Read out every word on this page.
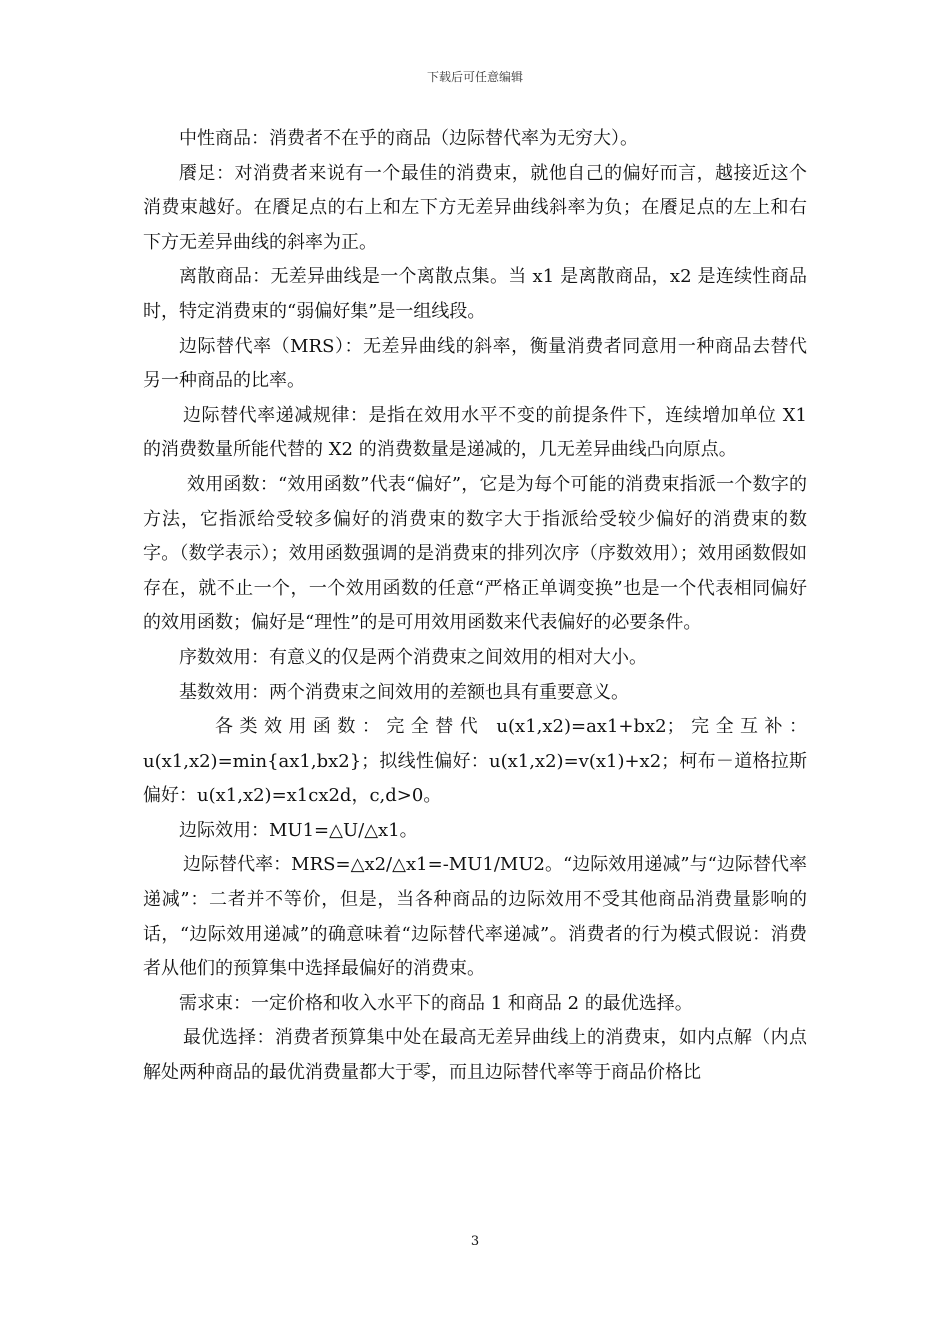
下载后可任意编辑

中性商品：消费者不在乎的商品（边际替代率为无穷大）。

餍足：对消费者来说有一个最佳的消费束，就他自己的偏好而言，越接近这个消费束越好。在餍足点的右上和左下方无差异曲线斜率为负；在餍足点的左上和右下方无差异曲线的斜率为正。

离散商品：无差异曲线是一个离散点集。当 x1 是离散商品，x2 是连续性商品时，特定消费束的“弱偏好集”是一组线段。

边际替代率（MRS）：无差异曲线的斜率，衡量消费者同意用一种商品去替代另一种商品的比率。

边际替代率递减规律：是指在效用水平不变的前提条件下，连续增加单位 X1 的消费数量所能代替的 X2 的消费数量是递减的，几无差异曲线凸向原点。

效用函数：“效用函数”代表“偏好”，它是为每个可能的消费束指派一个数字的方法，它指派给受较多偏好的消费束的数字大于指派给受较少偏好的消费束的数字。（数学表示）；效用函数强调的是消费束的排列次序（序数效用）；效用函数假如存在，就不止一个，一个效用函数的任意“严格正单调变换”也是一个代表相同偏好的效用函数；偏好是“理性”的是可用效用函数来代表偏好的必要条件。

序数效用：有意义的仅是两个消费束之间效用的相对大小。

基数效用：两个消费束之间效用的差额也具有重要意义。

各类效用函数：完全替代 u(x1,x2)=ax1+bx2；完全互补：u(x1,x2)=min{ax1,bx2}；拟线性偏好：u(x1,x2)=v(x1)+x2；柯布－道格拉斯偏好：u(x1,x2)=x1cx2d，c,d>0。

边际效用：MU1=△U/△x1。

边际替代率：MRS=△x2/△x1=-MU1/MU2。“边际效用递减”与“边际替代率递减”：二者并不等价，但是，当各种商品的边际效用不受其他商品消费量影响的话，“边际效用递减”的确意味着“边际替代率递减”。消费者的行为模式假说：消费者从他们的预算集中选择最偏好的消费束。

需求束：一定价格和收入水平下的商品 1 和商品 2 的最优选择。

最优选择：消费者预算集中处在最高无差异曲线上的消费束，如内点解（内点解处两种商品的最优消费量都大于零，而且边际替代率等于商品价格比

3
